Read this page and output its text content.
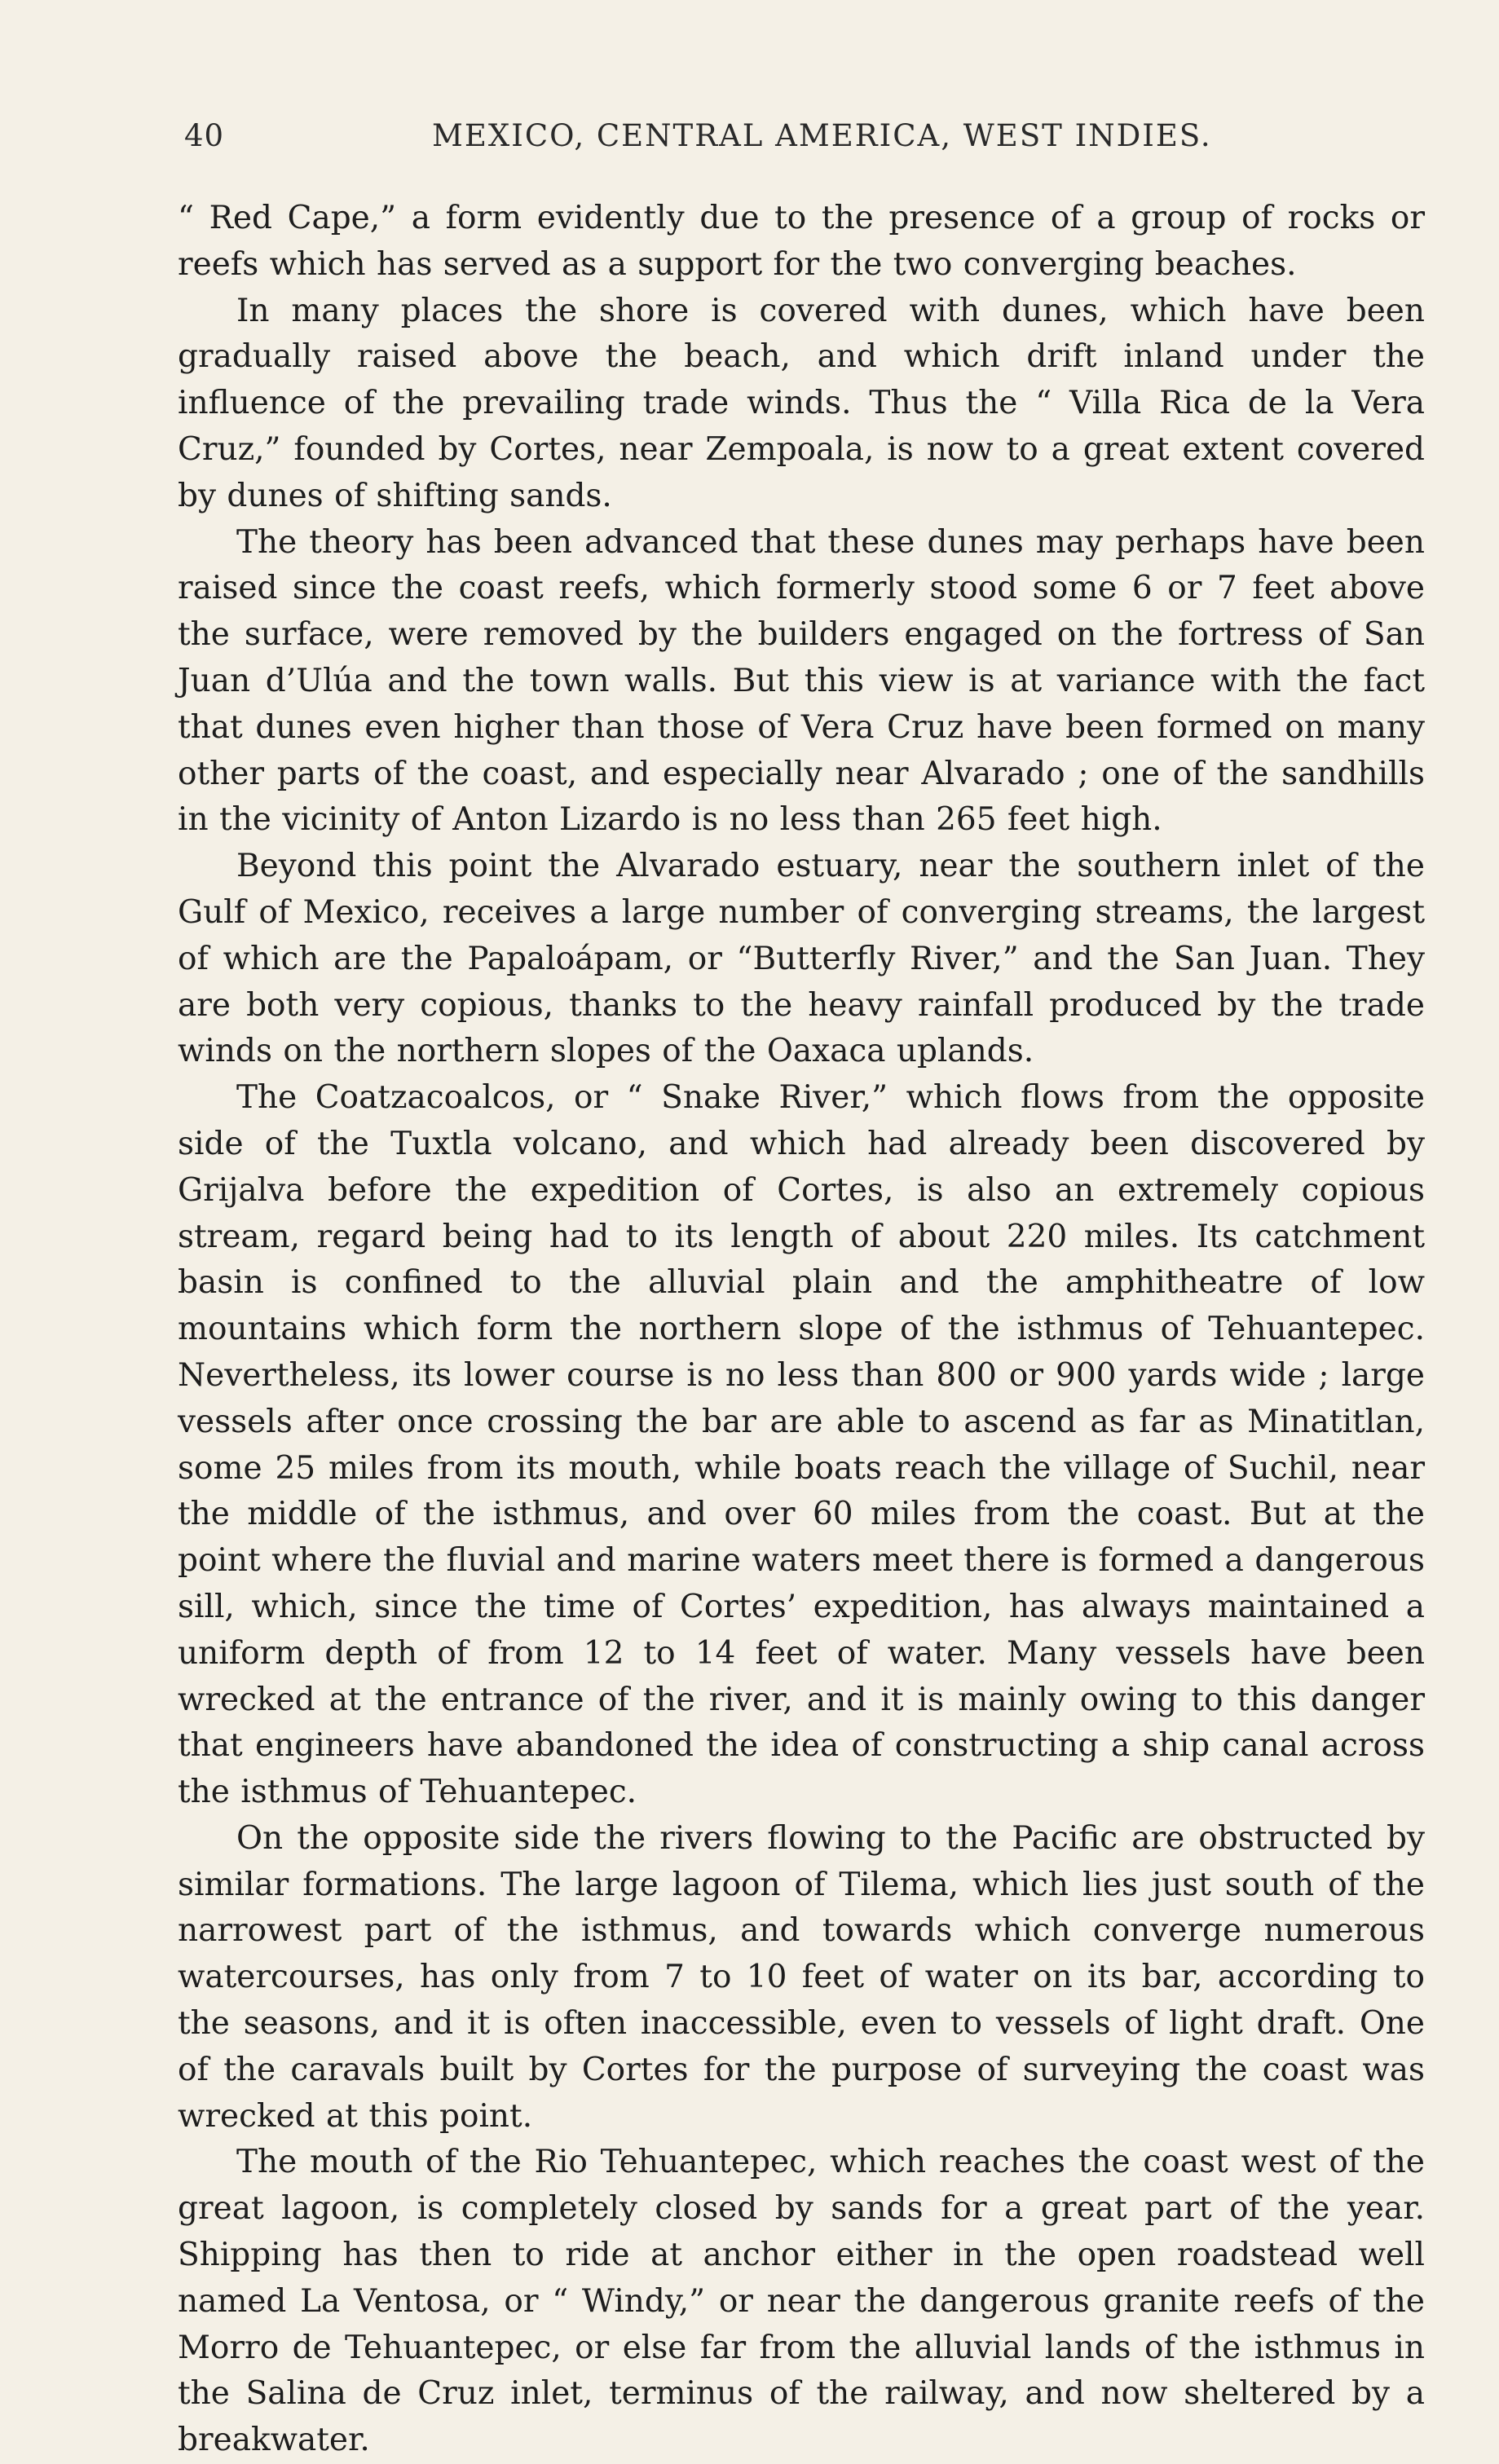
40	MEXICO, CENTRAL AMERICA, WEST INDIES.

“ Red Cape,” a form evidently due to the presence of a group of rocks or reefs which has served as a support for the two converging beaches.

In many places the shore is covered with dunes, which have been gradually raised above the beach, and which drift inland under the influence of the prevailing trade winds. Thus the “ Villa Rica de la Vera Cruz,” founded by Cortes, near Zempoala, is now to a great extent covered by dunes of shifting sands.

The theory has been advanced that these dunes may perhaps have been raised since the coast reefs, which formerly stood some 6 or 7 feet above the surface, were removed by the builders engaged on the fortress of San Juan d’Ulúa and the town walls. But this view is at variance with the fact that dunes even higher than those of Vera Cruz have been formed on many other parts of the coast, and especially near Alvarado ; one of the sandhills in the vicinity of Anton Lizardo is no less than 265 feet high.

Beyond this point the Alvarado estuary, near the southern inlet of the Gulf of Mexico, receives a large number of converging streams, the largest of which are the Papaloápam, or “Butterfly River,” and the San Juan. They are both very copious, thanks to the heavy rainfall produced by the trade winds on the northern slopes of the Oaxaca uplands.

The Coatzacoalcos, or “ Snake River,” which flows from the opposite side of the Tuxtla volcano, and which had already been discovered by Grijalva before the expedition of Cortes, is also an extremely copious stream, regard being had to its length of about 220 miles. Its catchment basin is confined to the alluvial plain and the amphitheatre of low mountains which form the northern slope of the isthmus of Tehuantepec. Nevertheless, its lower course is no less than 800 or 900 yards wide ; large vessels after once crossing the bar are able to ascend as far as Minatitlan, some 25 miles from its mouth, while boats reach the village of Suchil, near the middle of the isthmus, and over 60 miles from the coast. But at the point where the fluvial and marine waters meet there is formed a dangerous sill, which, since the time of Cortes’ expedition, has always maintained a uniform depth of from 12 to 14 feet of water. Many vessels have been wrecked at the entrance of the river, and it is mainly owing to this danger that engineers have abandoned the idea of constructing a ship canal across the isthmus of Tehuantepec.

On the opposite side the rivers flowing to the Pacific are obstructed by similar formations. The large lagoon of Tilema, which lies just south of the narrowest part of the isthmus, and towards which converge numerous watercourses, has only from 7 to 10 feet of water on its bar, according to the seasons, and it is often inaccessible, even to vessels of light draft. One of the caravals built by Cortes for the purpose of surveying the coast was wrecked at this point.

The mouth of the Rio Tehuantepec, which reaches the coast west of the great lagoon, is completely closed by sands for a great part of the year. Shipping has then to ride at anchor either in the open roadstead well named La Ventosa, or “ Windy,” or near the dangerous granite reefs of the Morro de Tehuantepec, or else far from the alluvial lands of the isthmus in the Salina de Cruz inlet, terminus of the railway, and now sheltered by a breakwater.
